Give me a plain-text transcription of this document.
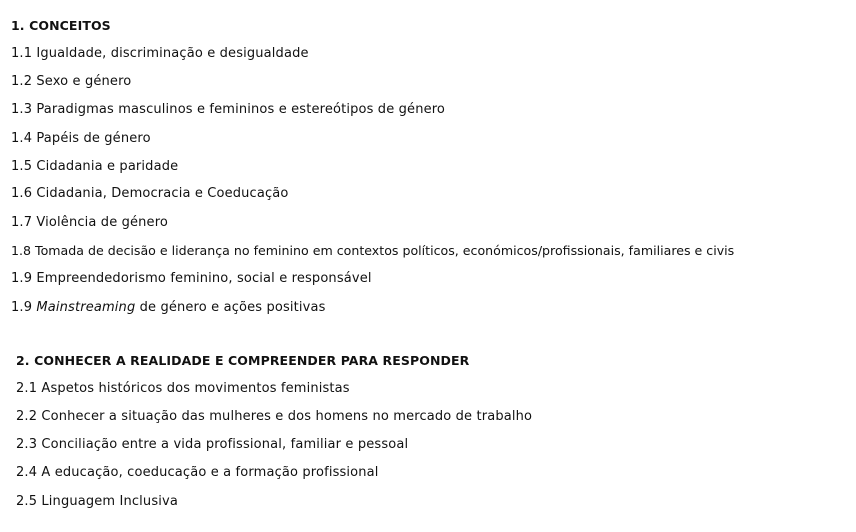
1. CONCEITOS
1.1 Igualdade, discriminação e desigualdade
1.2 Sexo e género
1.3 Paradigmas masculinos e femininos e estereótipos de género
1.4 Papéis de género
1.5 Cidadania e paridade
1.6 Cidadania, Democracia e Coeducação
1.7 Violência de género
1.8 Tomada de decisão e liderança no feminino em contextos políticos, económicos/profissionais, familiares e civis
1.9 Empreendedorismo feminino, social e responsável
1.9 Mainstreaming de género e ações positivas
2. CONHECER A REALIDADE E COMPREENDER PARA RESPONDER
2.1 Aspetos históricos dos movimentos feministas
2.2 Conhecer a situação das mulheres e dos homens no mercado de trabalho
2.3 Conciliação entre a vida profissional, familiar e pessoal
2.4 A educação, coeducação e a formação profissional
2.5 Linguagem Inclusiva
